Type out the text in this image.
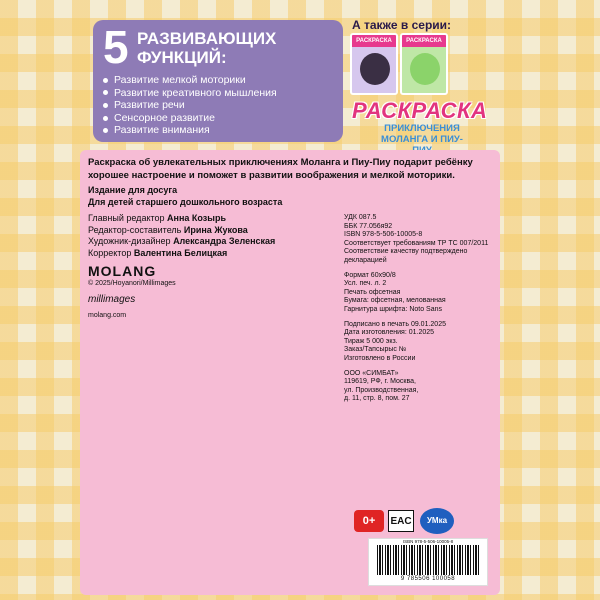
5 РАЗВИВАЮЩИХ
ФУНКЦИЙ:
Развитие мелкой моторики
Развитие креативного мышления
Развитие речи
Сенсорное развитие
Развитие внимания
А также в серии:
РАСКРАСКА	РАСКРАСКА
РАСКРАСКА
ПРИКЛЮЧЕНИЯ МОЛАНГА И ПИУ-
Раскраска об увлекательных приключениях Моланга и Пиу-Пиу подарит ребёнку хорошее настроение и поможет в развитии воображения и мелкой моторики.
Издание для досуга
Для детей старшего дошкольного возраста
Главный редактор Анна Козырь
Редактор-составитель Ирина Жукова
Художник-дизайнер Александра Зеленская
Корректор Валентина Белицкая
MOLANG
© 2025/Hoyanori/Millimages
millimages
molang.com
УДК 087.5
ББК 77.056я92
ISBN 978-5-506-10005-8
Соответствует требованиям ТР ТС 007/2011
Соответствие качеству подтверждено декларацией
Формат 60х90/8
Усл. печ. л. 2
Печать офсетная
Бумага: офсетная, мелованная
Гарнитура шрифта: Noto Sans
Подписано в печать 09.01.2025
Дата изготовления: 01.2025
Тираж 5 000 экз.
Заказ/Тапсырыс №
Изготовлено в России
ООО «СИМБАТ»
119619, РФ, г. Москва,
ул. Производственная,
д. 11, стр. 8, пом. 27
0+	EAC	УМка
ISBN 978-5-506-10005-8
9 785506 100058
